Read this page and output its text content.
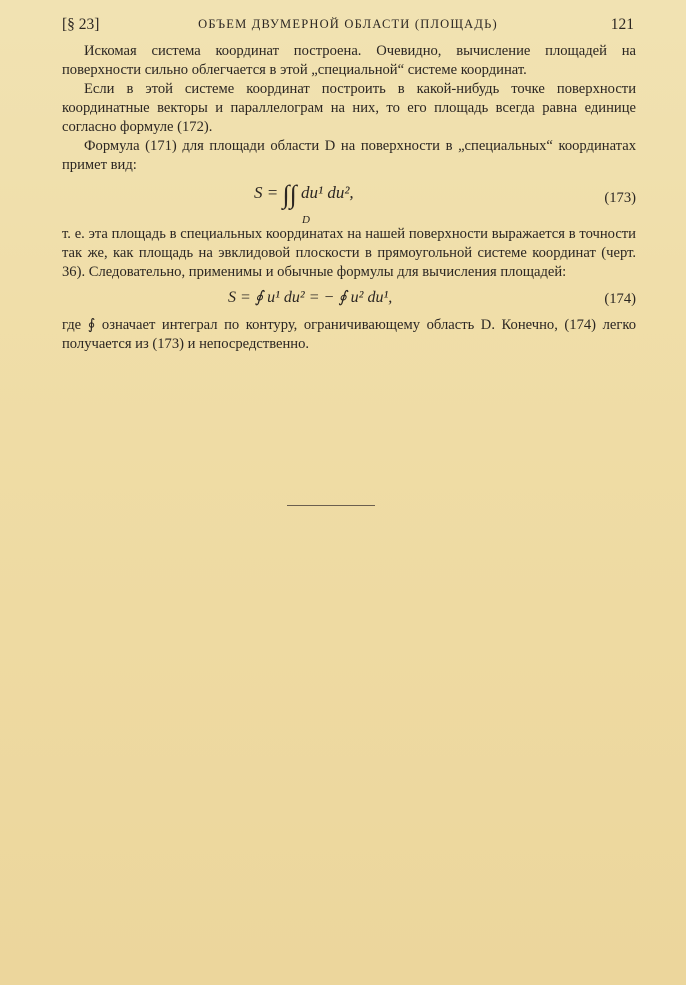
[§ 23]	ОБЪЕМ ДВУМЕРНОЙ ОБЛАСТИ (ПЛОЩАДЬ)	121

Искомая система координат построена. Очевидно, вычисление площадей на поверхности сильно облегчается в этой „специальной“ системе координат.

Если в этой системе координат построить в какой-нибудь точке поверхности координатные векторы и параллелограм на них, то его площадь всегда равна единице согласно формуле (172).

Формула (171) для площади области D на поверхности в „специальных“ координатах примет вид:

S = ∫∫ du¹ du²,
D
(173)

т. е. эта площадь в специальных координатах на нашей поверхности выражается в точности так же, как площадь на эвклидовой плоскости в прямоугольной системе координат (черт. 36). Следовательно, применимы и обычные формулы для вычисления площадей:

S = ∮ u¹ du² = − ∮ u² du¹,	(174)

где ∮ означает интеграл по контуру, ограничивающему область D. Конечно, (174) легко получается из (173) и непосредственно.
